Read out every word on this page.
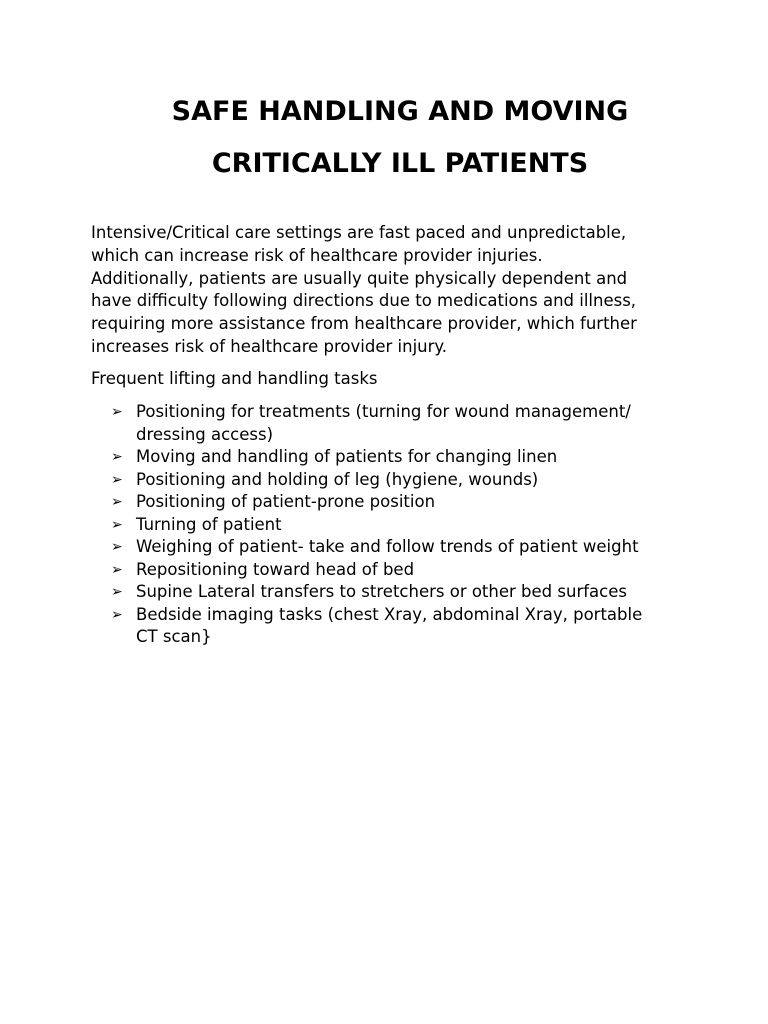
SAFE HANDLING AND MOVING
CRITICALLY ILL PATIENTS

Intensive/Critical care settings are fast paced and unpredictable,
which can increase risk of healthcare provider injuries.
Additionally, patients are usually quite physically dependent and
have difficulty following directions due to medications and illness,
requiring more assistance from healthcare provider, which further
increases risk of healthcare provider injury.

Frequent lifting and handling tasks

➢ Positioning for treatments (turning for wound management/
dressing access)
➢ Moving and handling of patients for changing linen
➢ Positioning and holding of leg (hygiene, wounds)
➢ Positioning of patient-prone position
➢ Turning of patient
➢ Weighing of patient- take and follow trends of patient weight
➢ Repositioning toward head of bed
➢ Supine Lateral transfers to stretchers or other bed surfaces
➢ Bedside imaging tasks (chest Xray, abdominal Xray, portable
CT scan}
